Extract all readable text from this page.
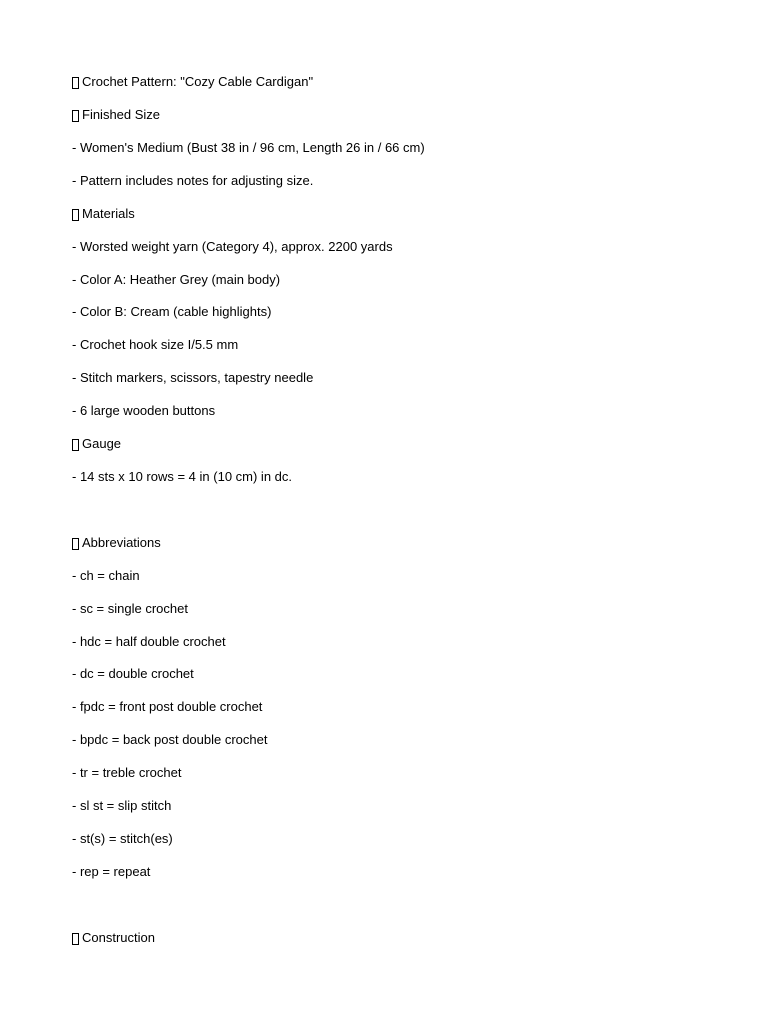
Crochet Pattern: "Cozy Cable Cardigan"
Finished Size
- Women's Medium (Bust 38 in / 96 cm, Length 26 in / 66 cm)
- Pattern includes notes for adjusting size.
Materials
- Worsted weight yarn (Category 4), approx. 2200 yards
- Color A: Heather Grey (main body)
- Color B: Cream (cable highlights)
- Crochet hook size I/5.5 mm
- Stitch markers, scissors, tapestry needle
- 6 large wooden buttons
Gauge
- 14 sts x 10 rows = 4 in (10 cm) in dc.
Abbreviations
- ch = chain
- sc = single crochet
- hdc = half double crochet
- dc = double crochet
- fpdc = front post double crochet
- bpdc = back post double crochet
- tr = treble crochet
- sl st = slip stitch
- st(s) = stitch(es)
- rep = repeat
Construction
